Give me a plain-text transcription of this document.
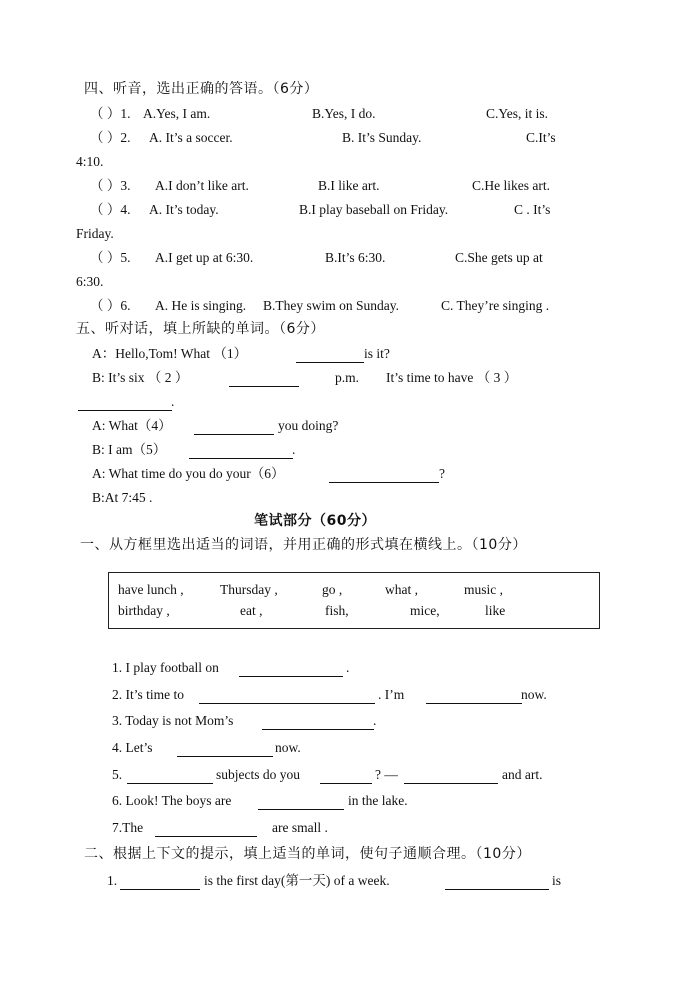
四、听音，选出正确的答语。（6分）
（ ）1. A.Yes, I am.	B.Yes, I do.	C.Yes, it is.
（ ）2. A. It’s a soccer.	B. It’s Sunday.	C.It’s
4:10.
（ ）3. A.I don’t like art.	B.I like art.	C.He likes art.
（ ）4. A. It’s today.	B.I play baseball on Friday.	C . It’s
Friday.
（ ）5. A.I get up at 6:30.	B.It’s 6:30.	C.She gets up at
6:30.
（ ）6. A. He is singing. B.They swim on Sunday.	C. They’re singing .
五、听对话，填上所缺的单词。（6分）
A：Hello,Tom! What （1）	is it?
B: It’s six （ 2 ）	p.m. It’s time to have （ 3 ）
.
A: What（4）	you doing?
B: I am（5）	.
A: What time do you do your（6）	?
B:At 7:45 .
笔试部分（60分）
一、从方框里选出适当的词语，并用正确的形式填在横线上。（10分）
have lunch ,	Thursday ,	go ,	what ,	music ,
birthday ,	eat ,	fish,	mice,	like
1. I play football on	.
2. It’s time to	. I’m	now.
3. Today is not Mom’s	.
4. Let’s	now.
5.	subjects do you	? —	and art.
6. Look! The boys are	in the lake.
7.The	are small .
二、根据上下文的提示，填上适当的单词，使句子通顺合理。（10分）
1.	is the first day(第一天) of a week.	is
